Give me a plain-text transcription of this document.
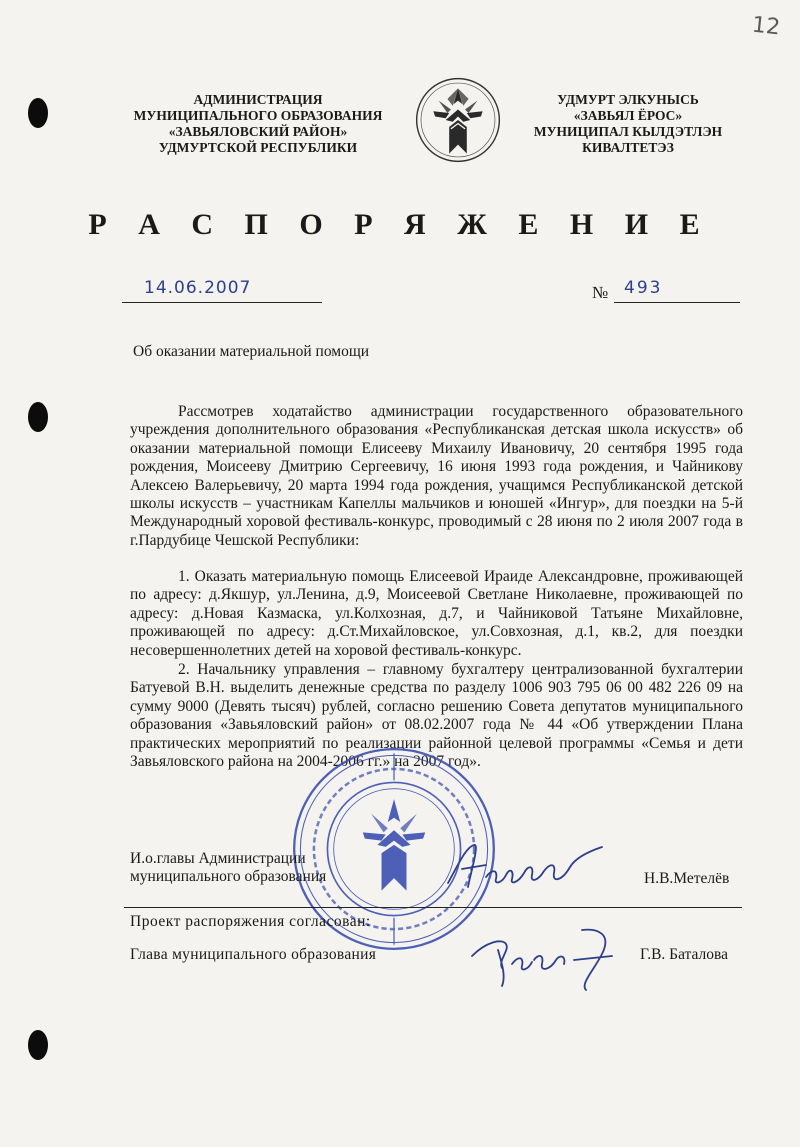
12
АДМИНИСТРАЦИЯ
МУНИЦИПАЛЬНОГО ОБРАЗОВАНИЯ
«ЗАВЬЯЛОВСКИЙ РАЙОН»
УДМУРТСКОЙ РЕСПУБЛИКИ
УДМУРТ ЭЛКУНЫСЬ
«ЗАВЬЯЛ ЁРОС»
МУНИЦИПАЛ КЫЛДЭТЛЭН
КИВАЛТЕТЭЗ
Р А С П О Р Я Ж Е Н И Е
14.06.2007	№ 493
Об оказании материальной помощи

Рассмотрев ходатайство администрации государственного образовательного учреждения дополнительного образования «Республиканская детская школа искусств» об оказании материальной помощи Елисееву Михаилу Ивановичу, 20 сентября 1995 года рождения, Моисееву Дмитрию Сергеевичу, 16 июня 1993 года рождения, и Чайникову Алексею Валерьевичу, 20 марта 1994 года рождения, учащимся Республиканской детской школы искусств – участникам Капеллы мальчиков и юношей «Ингур», для поездки на 5-й Международный хоровой фестиваль-конкурс, проводимый с 28 июня по 2 июля 2007 года в г.Пардубице Чешской Республики:

1. Оказать материальную помощь Елисеевой Ираиде Александровне, проживающей по адресу: д.Якшур, ул.Ленина, д.9, Моисеевой Светлане Николаевне, проживающей по адресу: д.Новая Казмаска, ул.Колхозная, д.7, и Чайниковой Татьяне Михайловне, проживающей по адресу: д.Ст.Михайловское, ул.Совхозная, д.1, кв.2, для поездки несовершеннолетних детей на хоровой фестиваль-конкурс.

2. Начальнику управления – главному бухгалтеру централизованной бухгалтерии Батуевой В.Н. выделить денежные средства по разделу 1006 903 795 06 00 482 226 09 на сумму 9000 (Девять тысяч) рублей, согласно решению Совета депутатов муниципального образования «Завьяловский район» от 08.02.2007 года № 44 «Об утверждении Плана практических мероприятий по реализации районной целевой программы «Семья и дети Завьяловского района на 2004-2006 гг.» на 2007 год».

И.о.главы Администрации
муниципального образования	Н.В.Метелёв
Проект распоряжения согласован:
Глава муниципального образования	Г.В. Баталова
